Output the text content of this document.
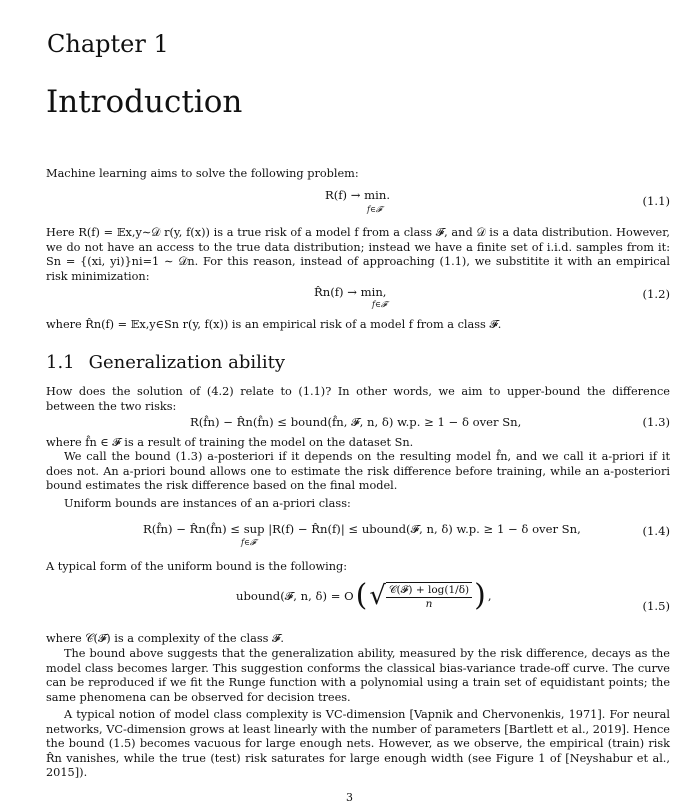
Chapter 1
Introduction
Machine learning aims to solve the following problem:
R(f) → min.
f∈𝓕
(1.1)
Here R(f) = 𝔼x,y∼𝒟 r(y, f(x)) is a true risk of a model f from a class 𝓕, and 𝒟 is a data distribution. However, we do not have an access to the true data distribution; instead we have a finite set of i.i.d. samples from it: Sn = {(xi, yi)}ni=1 ∼ 𝒟n. For this reason, instead of approaching (1.1), we substitite it with an empirical risk minimization:
R̂n(f) → min,
f∈𝓕
(1.2)
where R̂n(f) = 𝔼x,y∈Sn r(y, f(x)) is an empirical risk of a model f from a class 𝓕.
1.1 Generalization ability
How does the solution of (4.2) relate to (1.1)? In other words, we aim to upper-bound the difference between the two risks:
R(f̂n) − R̂n(f̂n) ≤ bound(f̂n, 𝓕, n, δ) w.p. ≥ 1 − δ over Sn,	(1.3)
where f̂n ∈ 𝓕 is a result of training the model on the dataset Sn.
We call the bound (1.3) a-posteriori if it depends on the resulting model f̂n, and we call it a-priori if it does not. An a-priori bound allows one to estimate the risk difference before training, while an a-posteriori bound estimates the risk difference based on the final model.
Uniform bounds are instances of an a-priori class:
R(f̂n) − R̂n(f̂n) ≤ sup |R(f) − R̂n(f)| ≤ ubound(𝓕, n, δ) w.p. ≥ 1 − δ over Sn,
f∈𝓕
(1.4)
A typical form of the uniform bound is the following:
ubound(𝓕, n, δ) = O ( √ $\frac{\text{𝒞(𝓕) + log(1/δ)}}{n}$ ) ,
(1.5)
where 𝒞(𝓕) is a complexity of the class 𝓕.
The bound above suggests that the generalization ability, measured by the risk difference, decays as the model class becomes larger. This suggestion conforms the classical bias-variance trade-off curve. The curve can be reproduced if we fit the Runge function with a polynomial using a train set of equidistant points; the same phenomena can be observed for decision trees.
A typical notion of model class complexity is VC-dimension [Vapnik and Chervonenkis, 1971]. For neural networks, VC-dimension grows at least linearly with the number of parameters [Bartlett et al., 2019]. Hence the bound (1.5) becomes vacuous for large enough nets. However, as we observe, the empirical (train) risk R̂n vanishes, while the true (test) risk saturates for large enough width (see Figure 1 of [Neyshabur et al., 2015]).
3
